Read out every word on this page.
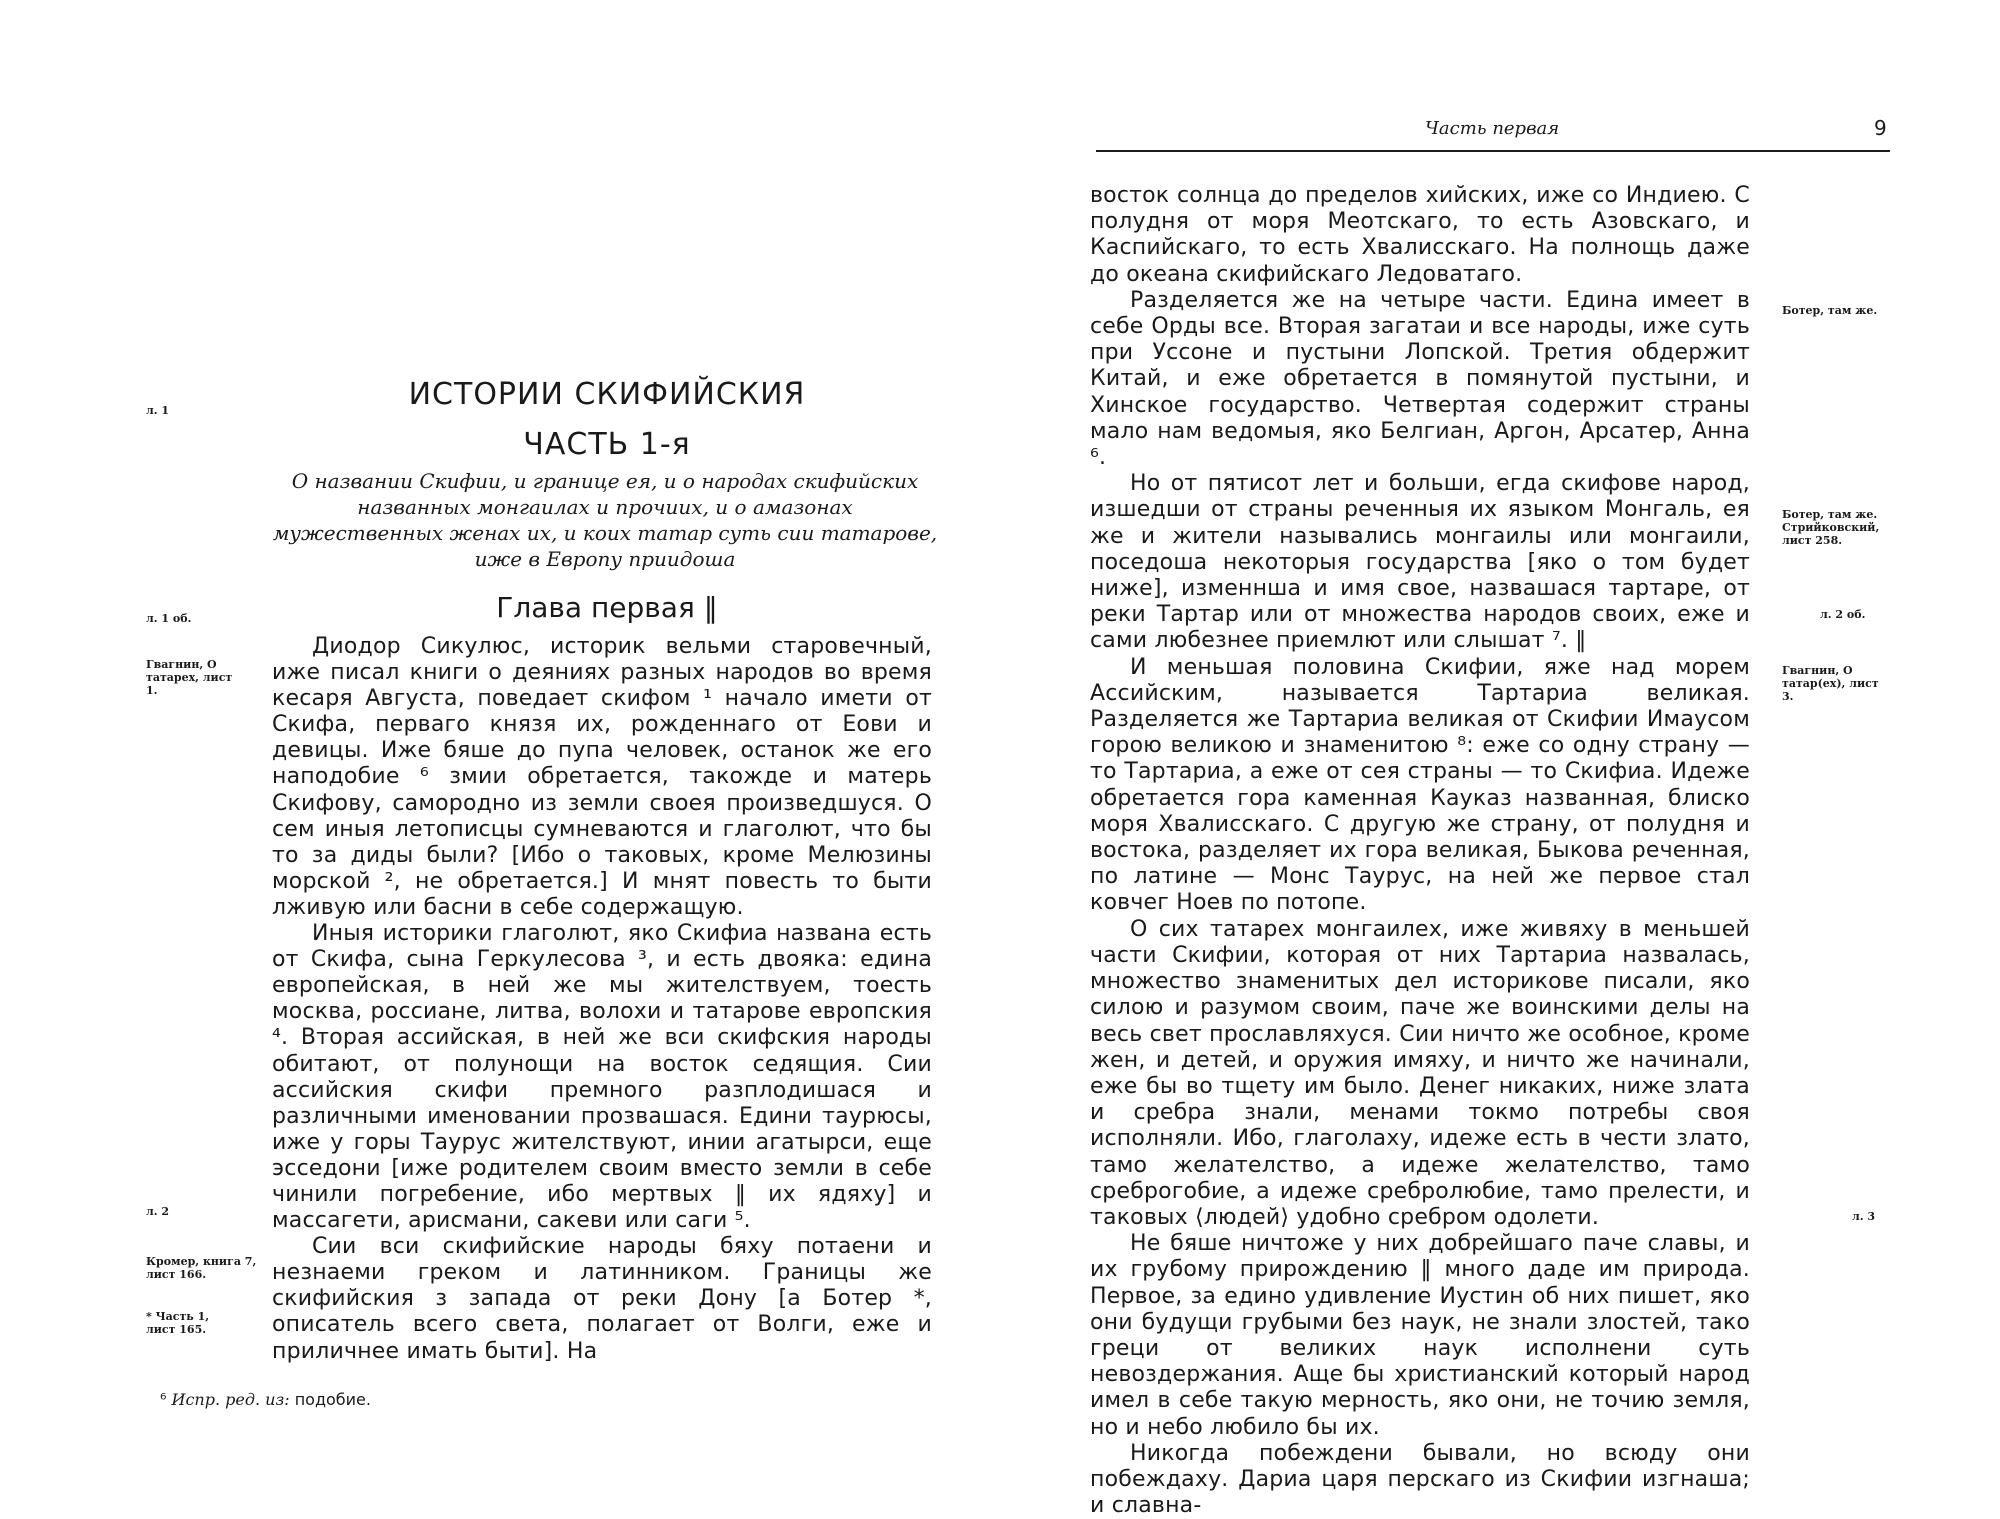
ИСТОРИИ СКИФИЙСКИЯ
ЧАСТЬ 1-я
О названии Скифии, и границе ея, и о народах скифийских названных монгаилах и прочиих, и о амазонах мужественных женах их, и коих татар суть сии татарове, иже в Европу приидоша
Глава первая ‖
л. 1
л. 1 об.
Гвагнин, О татарех, лист 1.
л. 2
Кромер, книга 7, лист 166.
* Часть 1, лист 165.

Диодор Сикулюс, историк вельми старовечный, иже писал книги о деяниях разных народов во время кесаря Августа, поведает скифом ¹ начало имети от Скифа, перваго князя их, рожденнаго от Еови и девицы. Иже бяше до пупа человек, останок же его наподобие ⁶ змии обретается, такожде и матерь Скифову, самородно из земли своея произведшуся. О сем иныя летописцы сумневаются и глаголют, что бы то за диды были? [Ибо о таковых, кроме Мелюзины морской ², не обретается.] И мнят повесть то быти лживую или басни в себе содержащую.

Иныя историки глаголют, яко Скифиа названа есть от Скифа, сына Геркулесова ³, и есть двояка: едина европейская, в ней же мы жителствуем, тоесть москва, россиане, литва, волохи и татарове европския ⁴. Вторая ассийская, в ней же вси скифския народы обитают, от полунощи на восток седящия. Сии ассийския скифи премного разплодишася и различными именовании прозвашася. Едини таурюсы, иже у горы Таурус жителствуют, инии агатырси, еще эсседони [иже родителем своим вместо земли в себе чинили погребение, ибо мертвых ‖ их ядяху] и массагети, арисмани, сакеви или саги ⁵.

Сии вси скифийские народы бяху потаени и незнаеми греком и латинником. Границы же скифийския з запада от реки Дону [а Ботер *, описатель всего света, полагает от Волги, еже и приличнее имать быти]. На

⁶ Испр. ред. из: подобие.
Часть первая	9
Ботер, там же.
Ботер, там же. Стрийковский, лист 258.
л. 2 об.
Гвагнин, О татар(ех), лист 3.
л. 3

восток солнца до пределов хийских, иже со Индиею. С полудня от моря Меотскаго, то есть Азовскаго, и Каспийскаго, то есть Хвалисскаго. На полнощь даже до океана скифийскаго Ледоватаго.

Разделяется же на четыре части. Едина имеет в себе Орды все. Вторая загатаи и все народы, иже суть при Уссоне и пустыни Лопской. Третия обдержит Китай, и еже обретается в помянутой пустыни, и Хинское государство. Четвертая содержит страны мало нам ведомыя, яко Белгиан, Аргон, Арсатер, Анна ⁶.

Но от пятисот лет и больши, егда скифове народ, изшедши от страны реченныя их языком Монгаль, ея же и жители назывались монгаилы или монгаили, поседоша некоторыя государства [яко о том будет ниже], изменнша и имя свое, назвашася тартаре, от реки Тартар или от множества народов своих, еже и сами любезнее приемлют или слышат ⁷. ‖

И меньшая половина Скифии, яже над морем Ассийским, называется Тартариа великая. Разделяется же Тартариа великая от Скифии Имаусом горою великою и знаменитою ⁸: еже со одну страну — то Тартариа, а еже от сея страны — то Скифиа. Идеже обретается гора каменная Кауказ названная, блиско моря Хвалисскаго. С другую же страну, от полудня и востока, разделяет их гора великая, Быкова реченная, по латине — Монс Таурус, на ней же первое стал ковчег Ноев по потопе.

О сих татарех монгаилех, иже живяху в меньшей части Скифии, которая от них Тартариа назвалась, множество знаменитых дел историкове писали, яко силою и разумом своим, паче же воинскими делы на весь свет прославляхуся. Сии ничто же особное, кроме жен, и детей, и оружия имяху, и ничто же начинали, еже бы во тщету им было. Денег никаких, ниже злата и сребра знали, менами токмо потребы своя исполняли. Ибо, глаголаху, идеже есть в чести злато, тамо желателство, а идеже желателство, тамо среброгобие, а идеже сребролюбие, тамо прелести, и таковых ⟨людей⟩ удобно сребром одолети.

Не бяше ничтоже у них добрейшаго паче славы, и их грубому прирождению ‖ много даде им природа. Первое, за едино удивление Иустин об них пишет, яко они будущи грубыми без наук, не знали злостей, тако греци от великих наук исполнени суть невоздержания. Аще бы христианский который народ имел в себе такую мерность, яко они, не точию земля, но и небо любило бы их.

Никогда побеждени бывали, но всюду они побеждаху. Дариа царя перскаго из Скифии изгнаша; и славна-
